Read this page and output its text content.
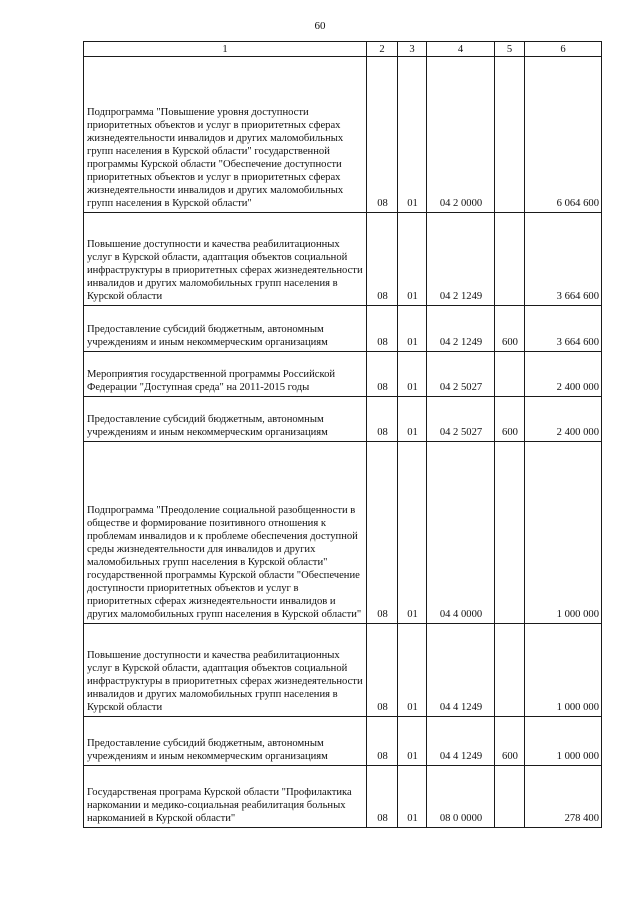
60
1	2	3	4	5	6

Подпрограмма "Повышение уровня доступности приоритетных объектов и услуг в приоритетных сферах жизнедеятельности инвалидов и других маломобильных групп населения в Курской области" государственной программы Курской области "Обеспечение доступности приоритетных объектов и услуг в приоритетных сферах жизнедеятельности инвалидов и других маломобильных групп населения в Курской области"	08	01	04 2 0000		6 064 600

Повышение доступности и качества реабилитационных услуг в Курской области, адаптация объектов социальной инфраструктуры в приоритетных сферах жизнедеятельности инвалидов и других маломобильных групп населения в Курской области	08	01	04 2 1249		3 664 600

Предоставление субсидий бюджетным, автономным учреждениям и иным некоммерческим организациям	08	01	04 2 1249	600	3 664 600

Мероприятия государственной программы Российской Федерации "Доступная среда" на 2011-2015 годы	08	01	04 2 5027		2 400 000

Предоставление субсидий бюджетным, автономным учреждениям и иным некоммерческим организациям	08	01	04 2 5027	600	2 400 000

Подпрограмма "Преодоление социальной разобщенности в обществе и формирование позитивного отношения к проблемам инвалидов и к проблеме обеспечения доступной среды жизнедеятельности для инвалидов и других маломобильных групп населения в Курской области" государственной программы Курской области "Обеспечение доступности приоритетных объектов и услуг в приоритетных сферах жизнедеятельности инвалидов и других маломобильных групп населения в Курской области"	08	01	04 4 0000		1 000 000

Повышение доступности и качества реабилитационных услуг в Курской области, адаптация объектов социальной инфраструктуры в приоритетных сферах жизнедеятельности инвалидов и других маломобильных групп населения в Курской области	08	01	04 4 1249		1 000 000

Предоставление субсидий бюджетным, автономным учреждениям и иным некоммерческим организациям	08	01	04 4 1249	600	1 000 000

Государственая програма Курской области "Профилактика наркомании и медико-социальная реабилитация больных наркоманией в Курской области"	08	01	08 0 0000		278 400
